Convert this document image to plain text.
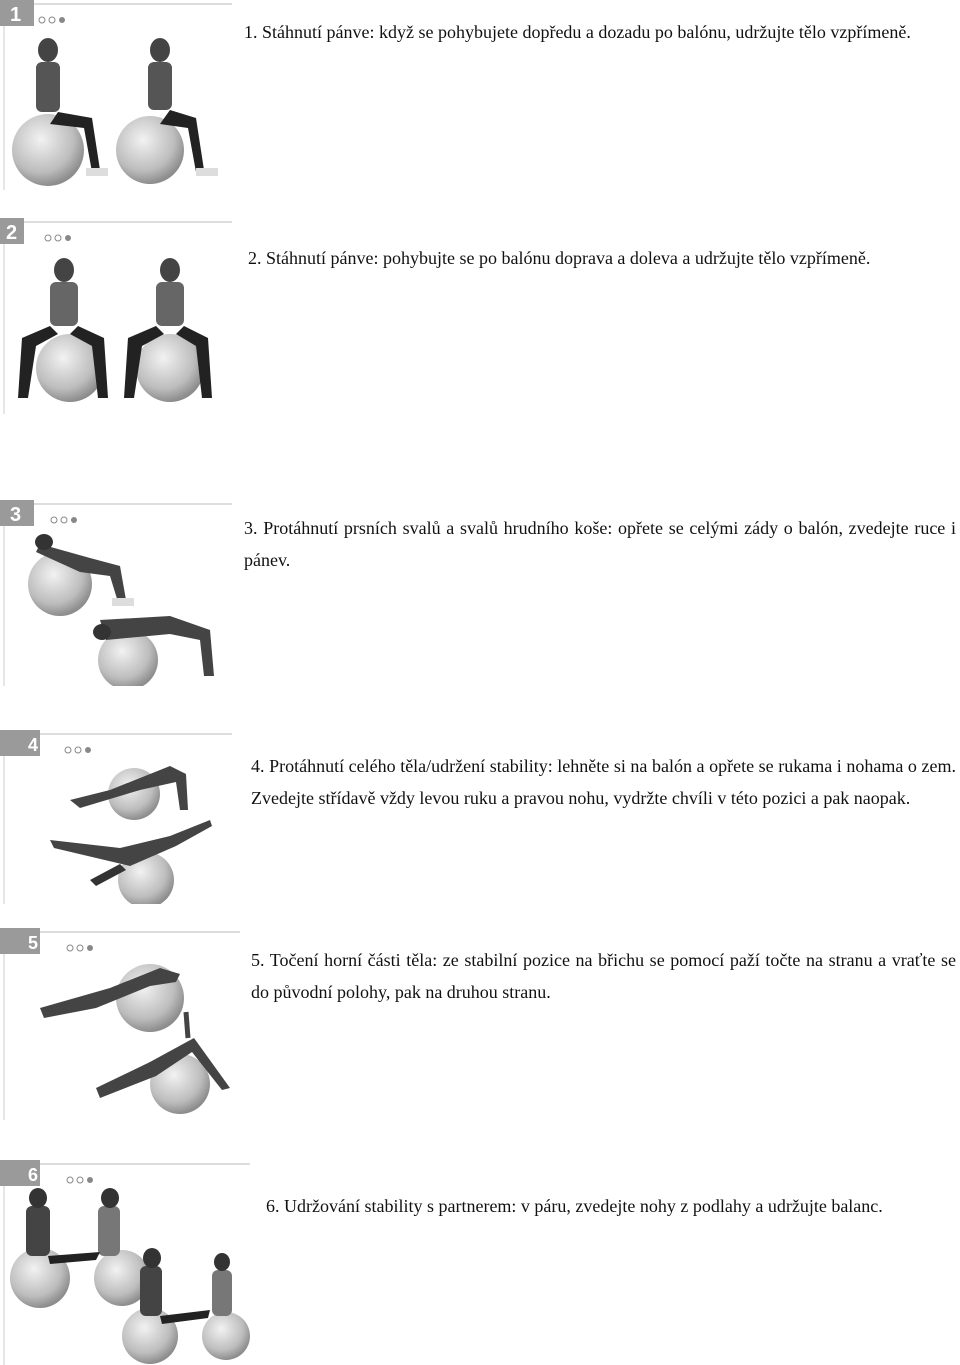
1
1. Stáhnutí pánve: když se pohybujete dopředu a dozadu po balónu, udržujte tělo vzpřímeně.
2
2. Stáhnutí pánve: pohybujte se po balónu doprava a doleva a udržujte tělo vzpřímeně.
3
3. Protáhnutí prsních svalů a svalů hrudního koše: opřete se celými zády o balón, zvedejte ruce i pánev.
4
4. Protáhnutí celého těla/udržení stability: lehněte si na balón a opřete se rukama i nohama o zem. Zvedejte střídavě vždy levou ruku a pravou nohu, vydržte chvíli v této pozici a pak naopak.
5
5. Točení horní části těla: ze stabilní pozice na břichu se pomocí paží točte na stranu a vraťte se do původní polohy, pak na druhou stranu.
6
6. Udržování stability s partnerem: v páru, zvedejte nohy z podlahy a udržujte balanc.
